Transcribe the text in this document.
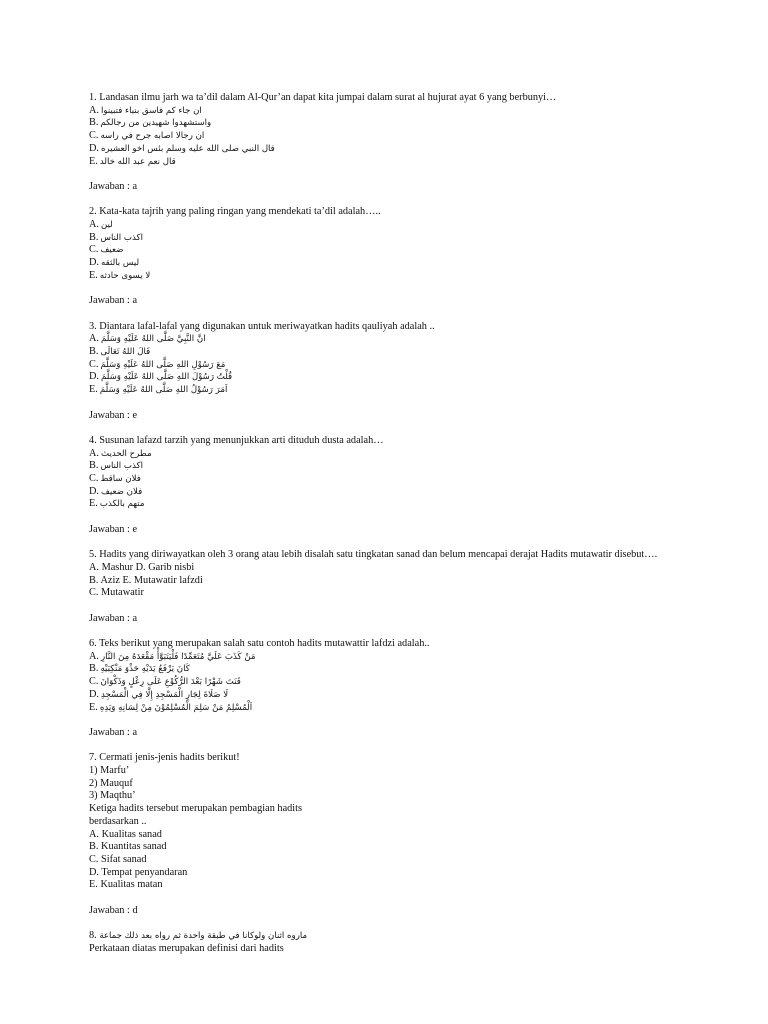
1. Landasan ilmu jarh wa ta’dil dalam Al-Qur’an dapat kita jumpai dalam surat al hujurat ayat 6 yang berbunyi…
A. ان جاء كم فاسق بنباء فتبينوا
B. واستشهدوا شهيدين من رجالكم
C. ان رجالا اصابه جرح في راسه
D. قال النبي صلى الله عليه وسلم بئس اخو العشيره
E. قال نعم عبد الله خالد
Jawaban : a
2. Kata-kata tajrih yang paling ringan yang mendekati ta’dil adalah…..
A. لين
B. اكذب الناس
C. ضعيف
D. ليس بالثقه
E. لا يسوى حادثه
Jawaban : a
3. Diantara lafal-lafal yang digunakan untuk meriwayatkan hadits qauliyah adalah ..
A. انَّ النَّبِيَّ صَلَّى اللهُ عَلَيْهِ وَسَلَّمَ
B. قَالَ اللهُ تَعَالَى
C. مَعَ رَسُوْلِ اللهِ صَلَّى اللهُ عَلَيْهِ وَسَلَّمَ
D. قُلْتُ رَسُوْلَ اللهِ صَلَّى اللهُ عَلَيْهِ وَسَلَّمَ
E. اَمَرَ رَسُوْلُ اللهِ صَلَّى اللهُ عَلَيْهِ وَسَلَّمَ
Jawaban : e
4. Susunan lafazd tarzih yang menunjukkan arti dituduh dusta adalah…
A. مطرح الحديث
B. اكذب الناس
C. فلان ساقط
D. فلان ضعيف
E. متهم بالكذب
Jawaban : e
5. Hadits yang diriwayatkan oleh 3 orang atau lebih disalah satu tingkatan sanad dan belum mencapai derajat Hadits mutawatir disebut….
A. Mashur D. Garib nisbi
B. Aziz E. Mutawatir lafzdi
C. Mutawatir
Jawaban : a
6. Teks berikut yang merupakan salah satu contoh hadits mutawattir lafdzi adalah..
A. مَنْ كَذَبَ عَلَيَّ مُتَعَمِّدًا فَلْيَتَبَوَّأْ مَقْعَدَهُ مِنَ النَّارِ
B. كَانَ يَرْفَعُ يَدَيْهِ حَذْوَ مَنْكِبَيْهِ
C. قَنَتَ شَهْرًا بَعْدَ الرُّكُوْعِ عَلَى رِعْلٍ وَذَكْوَانَ
D. لَا صَلَاةَ لِجَارِ الْمَسْجِدِ إِلَّا فِي الْمَسْجِدِ
E. اَلْمُسْلِمُ مَنْ سَلِمَ الْمُسْلِمُوْنَ مِنْ لِسَانِهِ وَيَدِهِ
Jawaban : a
7. Cermati jenis-jenis hadits berikut!
1) Marfu’
2) Mauquf
3) Maqthu’
Ketiga hadits tersebut merupakan pembagian hadits
berdasarkan ..
A. Kualitas sanad
B. Kuantitas sanad
C. Sifat sanad
D. Tempat penyandaran
E. Kualitas matan
Jawaban : d
8. ماروه اثنان ولوكانا في طبقة واحدة ثم رواه بعد ذلك جماعة
Perkataan diatas merupakan definisi dari hadits
